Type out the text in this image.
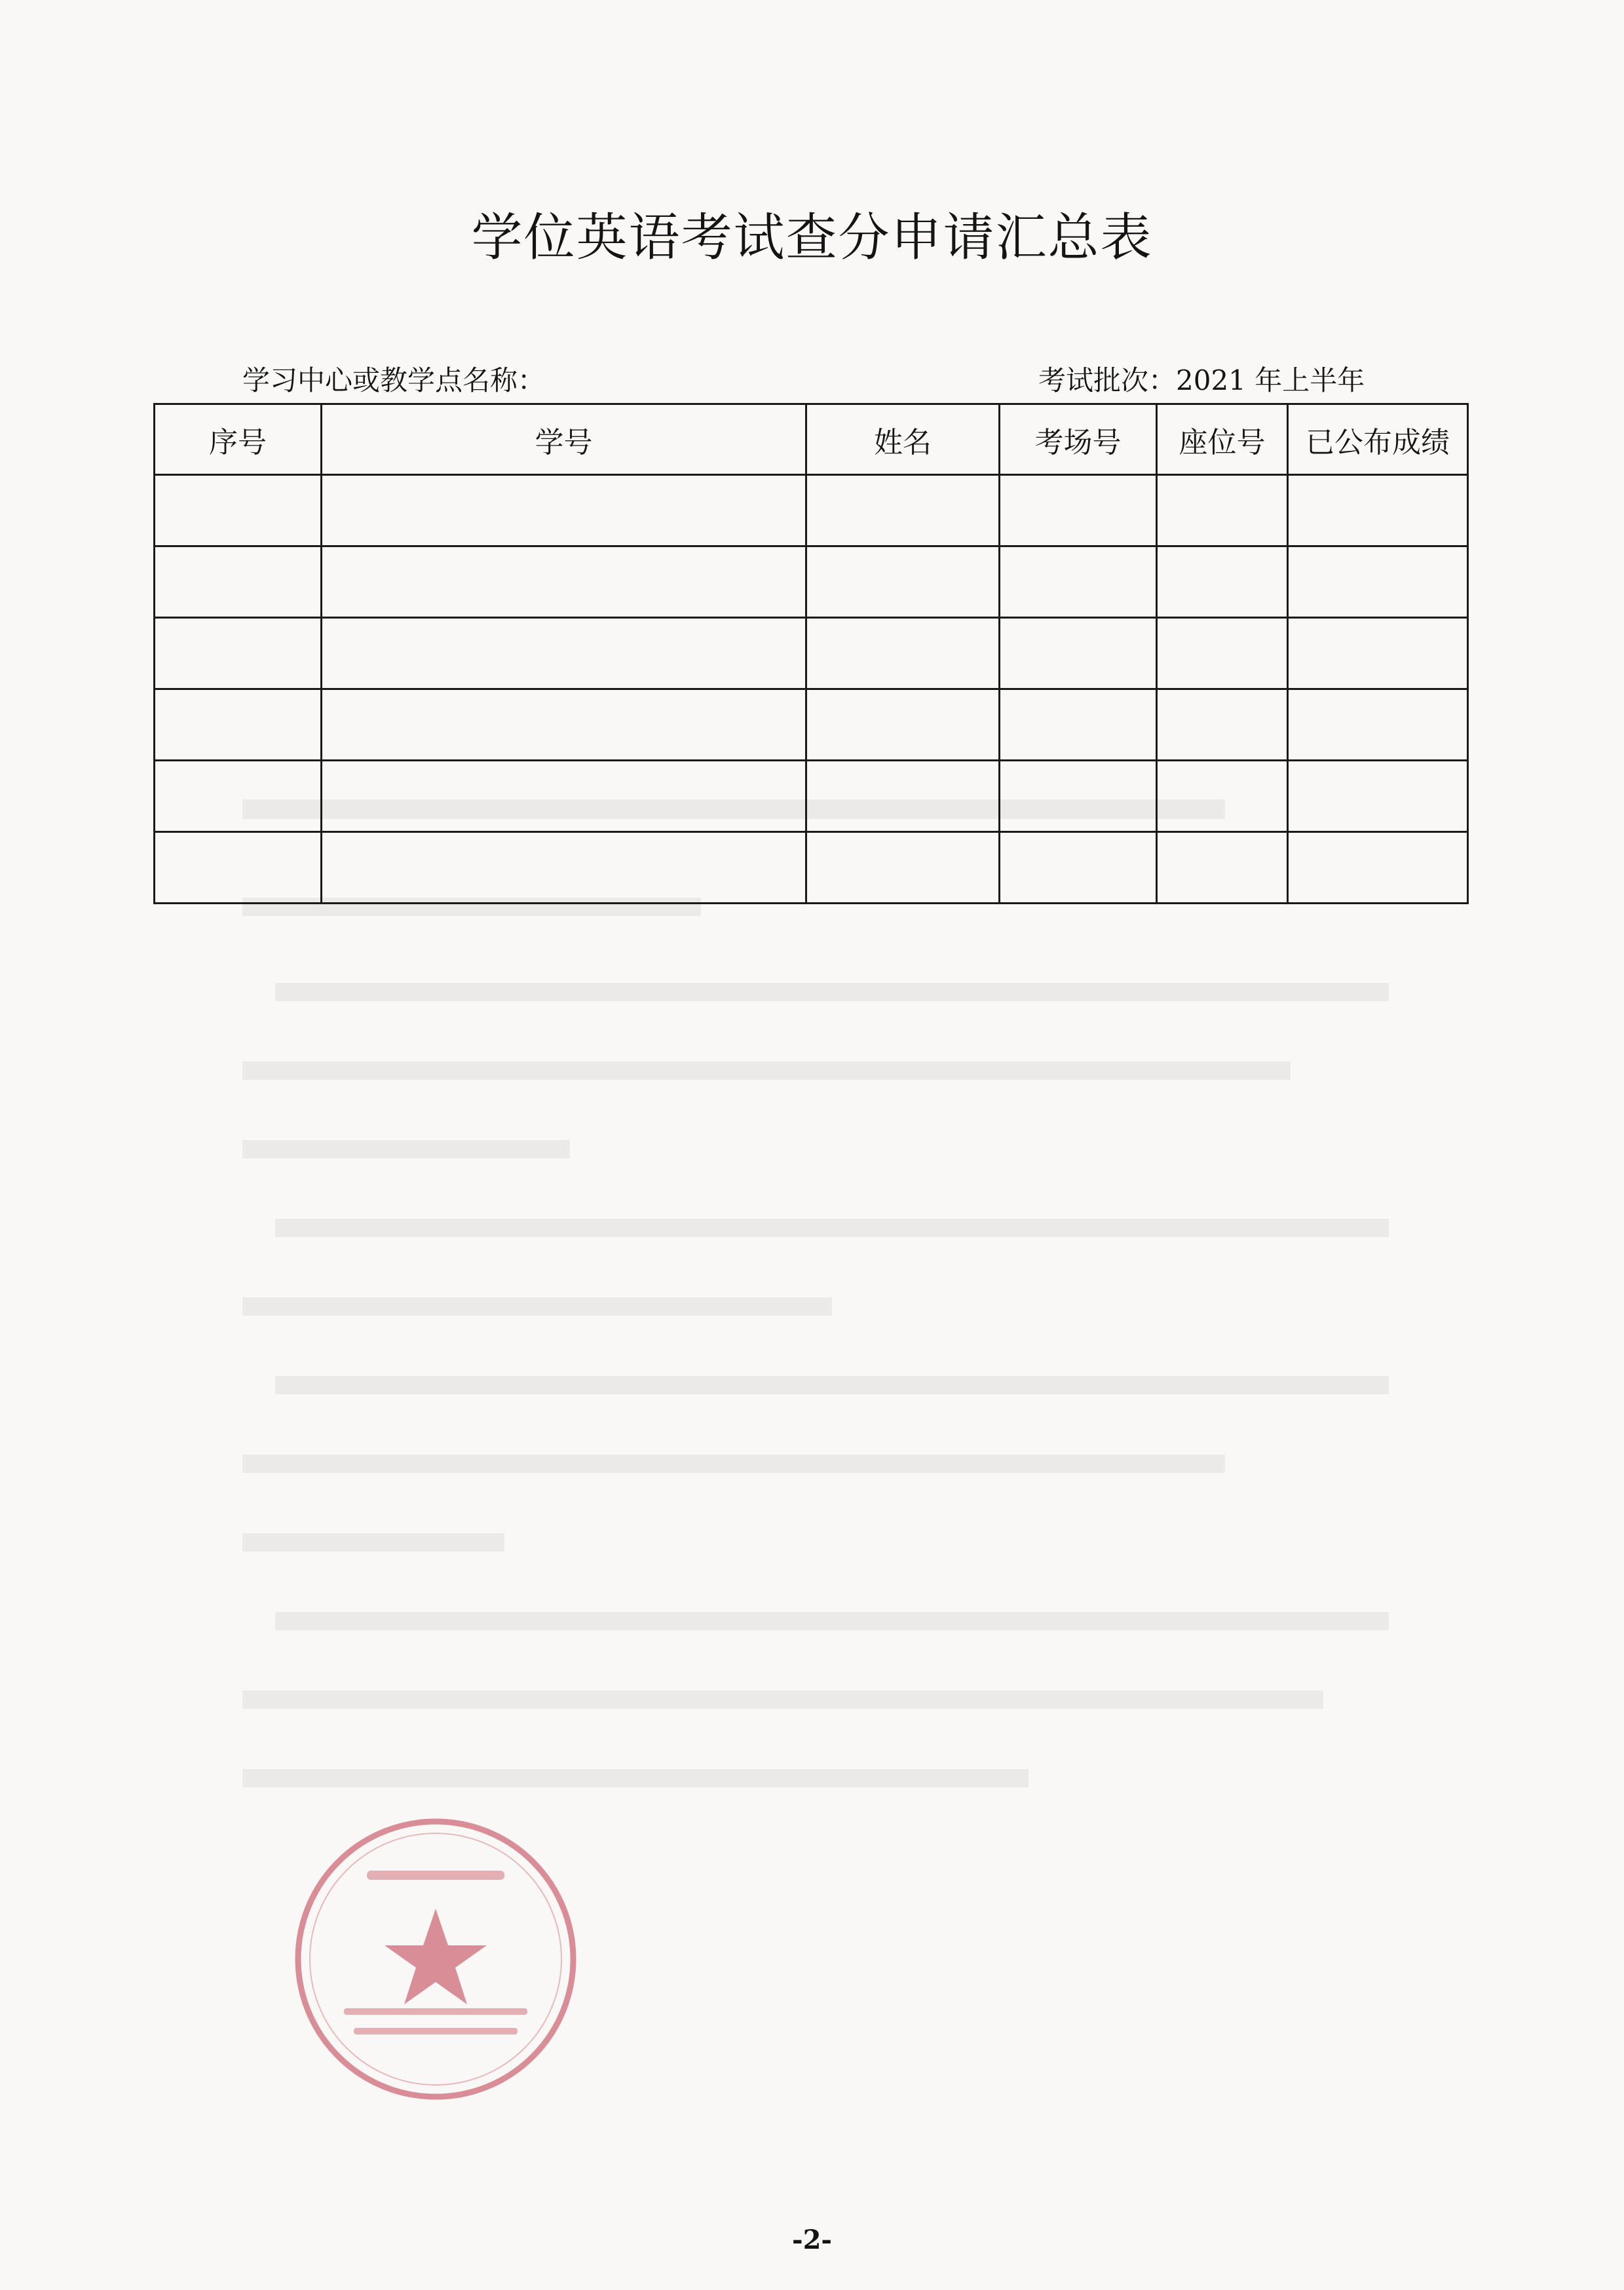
学位英语考试查分申请汇总表
学习中心或教学点名称：	考试批次：2021 年上半年
序号	学号	姓名	考场号	座位号	已公布成绩

-2-
